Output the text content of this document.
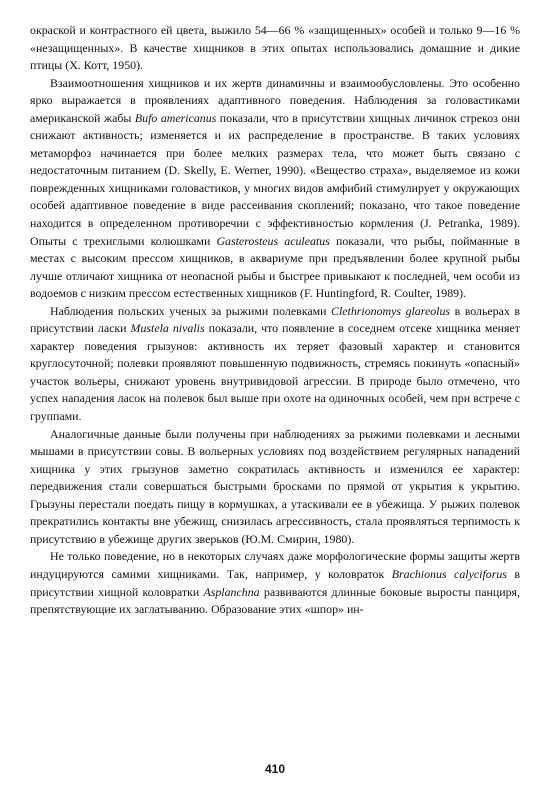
окраской и контрастного ей цвета, выжило 54—66 % «защищенных» особей и только 9—16 % «незащищенных». В качестве хищников в этих опытах использовались домашние и дикие птицы (X. Котт, 1950).

Взаимоотношения хищников и их жертв динамичны и взаимообусловлены. Это особенно ярко выражается в проявлениях адаптивного поведения. Наблюдения за головастиками американской жабы Bufo americanus показали, что в присутствии хищных личинок стрекоз они снижают активность; изменяется и их распределение в пространстве. В таких условиях метаморфоз начинается при более мелких размерах тела, что может быть связано с недостаточным питанием (D. Skelly, E. Werner, 1990). «Вещество страха», выделяемое из кожи поврежденных хищниками головастиков, у многих видов амфибий стимулирует у окружающих особей адаптивное поведение в виде рассеивания скоплений; показано, что такое поведение находится в определенном противоречии с эффективностью кормления (J. Petranka, 1989). Опыты с трехиглыми колюшками Gasterosteus aculeatus показали, что рыбы, пойманные в местах с высоким прессом хищников, в аквариуме при предъявлении более крупной рыбы лучше отличают хищника от неопасной рыбы и быстрее привыкают к последней, чем особи из водоемов с низким прессом естественных хищников (F. Huntingford, R. Coulter, 1989).

Наблюдения польских ученых за рыжими полевками Clethrionomys glareolus в вольерах в присутствии ласки Mustela nivalis показали, что появление в соседнем отсеке хищника меняет характер поведения грызунов: активность их теряет фазовый характер и становится круглосуточной; полевки проявляют повышенную подвижность, стремясь покинуть «опасный» участок вольеры, снижают уровень внутривидовой агрессии. В природе было отмечено, что успех нападения ласок на полевок был выше при охоте на одиночных особей, чем при встрече с группами.

Аналогичные данные были получены при наблюдениях за рыжими полевками и лесными мышами в присутствии совы. В вольерных условиях под воздействием регулярных нападений хищника у этих грызунов заметно сократилась активность и изменился ее характер: передвижения стали совершаться быстрыми бросками по прямой от укрытия к укрытию. Грызуны перестали поедать пищу в кормушках, а утаскивали ее в убежища. У рыжих полевок прекратились контакты вне убежищ, снизилась агрессивность, стала проявляться терпимость к присутствию в убежище других зверьков (Ю.М. Смирин, 1980).

Не только поведение, но в некоторых случаях даже морфологические формы защиты жертв индуцируются самими хищниками. Так, например, у коловраток Brachionus calyciforus в присутствии хищной коловратки Asplanchna развиваются длинные боковые выросты панциря, препятствующие их заглатыванию. Образование этих «шпор» ин-

410
